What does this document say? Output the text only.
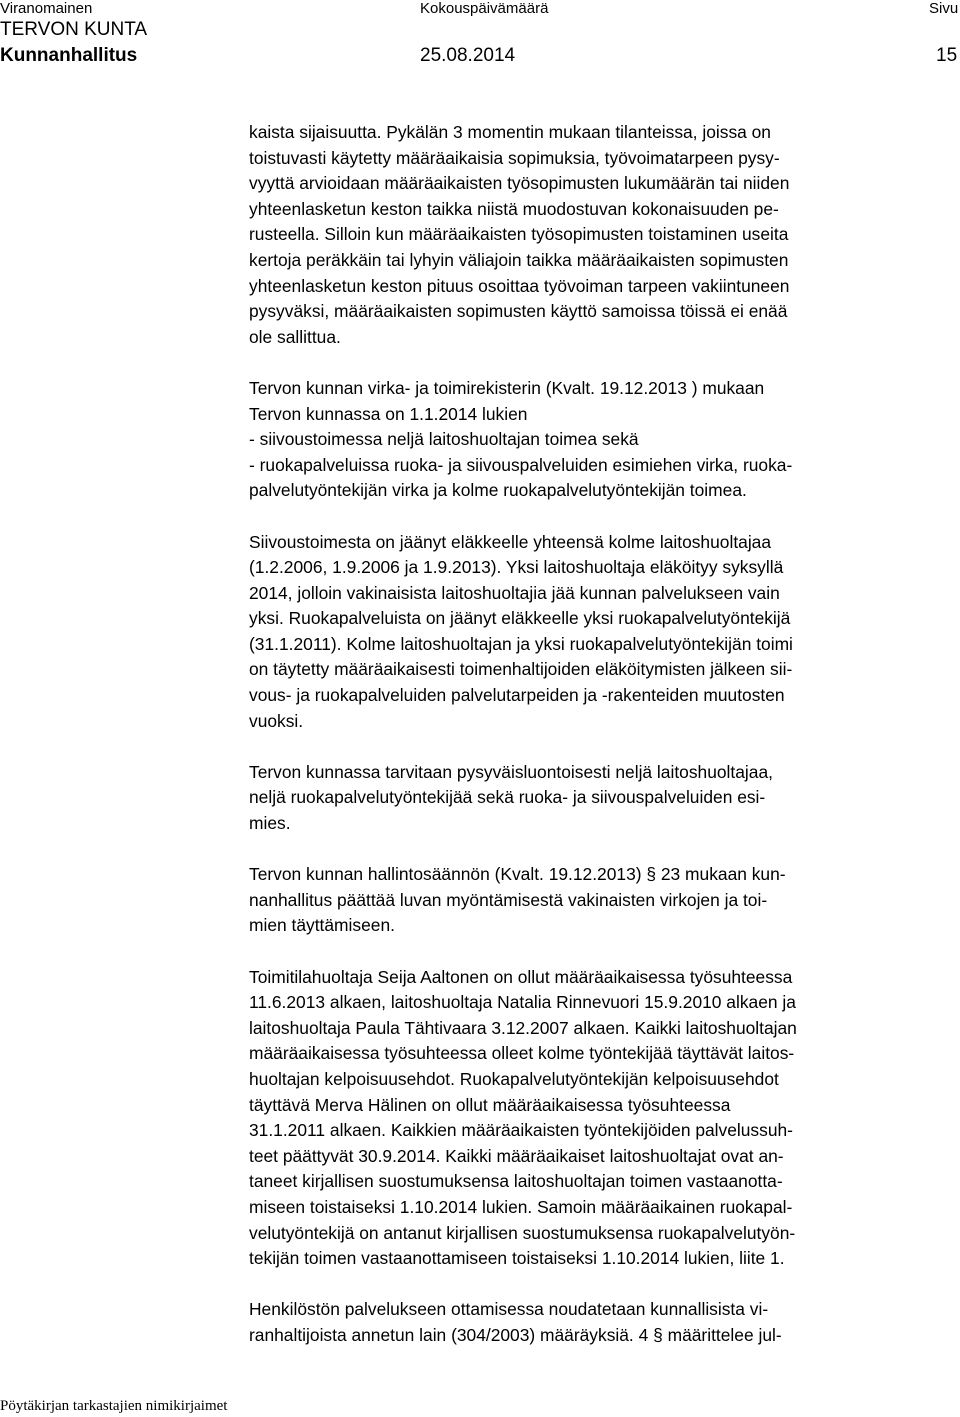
Viranomainen	Kokouspäivämäärä	Sivu
TERVON KUNTA
Kunnanhallitus	25.08.2014	15
kaista sijaisuutta. Pykälän 3 momentin mukaan tilanteissa, joissa on
toistuvasti käytetty määräaikaisia sopimuksia, työvoimatarpeen pysy-
vyyttä arvioidaan määräaikaisten työsopimusten lukumäärän tai niiden
yhteenlasketun keston taikka niistä muodostuvan kokonaisuuden pe-
rusteella. Silloin kun määräaikaisten työsopimusten toistaminen useita
kertoja peräkkäin tai lyhyin väliajoin taikka määräaikaisten sopimusten
yhteenlasketun keston pituus osoittaa työvoiman tarpeen vakiintuneen
pysyväksi, määräaikaisten sopimusten käyttö samoissa töissä ei enää
ole sallittua.
Tervon kunnan virka- ja toimirekisterin (Kvalt. 19.12.2013 ) mukaan
Tervon kunnassa on 1.1.2014 lukien
- siivoustoimessa neljä laitoshuoltajan toimea sekä
- ruokapalveluissa ruoka- ja siivouspalveluiden esimiehen virka, ruoka-
palvelutyöntekijän virka ja kolme ruokapalvelutyöntekijän toimea.
Siivoustoimesta on jäänyt eläkkeelle yhteensä kolme laitoshuoltajaa
(1.2.2006, 1.9.2006 ja 1.9.2013). Yksi laitoshuoltaja eläköityy syksyllä
2014, jolloin vakinaisista laitoshuoltajia jää kunnan palvelukseen vain
yksi. Ruokapalveluista on jäänyt eläkkeelle yksi ruokapalvelutyöntekijä
(31.1.2011). Kolme laitoshuoltajan ja yksi ruokapalvelutyöntekijän toimi
on täytetty määräaikaisesti toimenhaltijoiden eläköitymisten jälkeen sii-
vous- ja ruokapalveluiden palvelutarpeiden ja -rakenteiden muutosten
vuoksi.
Tervon kunnassa tarvitaan pysyväisluontoisesti neljä laitoshuoltajaa,
neljä ruokapalvelutyöntekijää sekä ruoka- ja siivouspalveluiden esi-
mies.
Tervon kunnan hallintosäännön (Kvalt. 19.12.2013) § 23 mukaan kun-
nanhallitus päättää luvan myöntämisestä vakinaisten virkojen ja toi-
mien täyttämiseen.
Toimitilahuoltaja Seija Aaltonen on ollut määräaikaisessa työsuhteessa
11.6.2013 alkaen, laitoshuoltaja Natalia Rinnevuori 15.9.2010 alkaen ja
laitoshuoltaja Paula Tähtivaara 3.12.2007 alkaen. Kaikki laitoshuoltajan
määräaikaisessa työsuhteessa olleet kolme työntekijää täyttävät laitos-
huoltajan kelpoisuusehdot. Ruokapalvelutyöntekijän kelpoisuusehdot
täyttävä Merva Hälinen on ollut määräaikaisessa työsuhteessa
31.1.2011 alkaen. Kaikkien määräaikaisten työntekijöiden palvelussuh-
teet päättyvät 30.9.2014. Kaikki määräaikaiset laitoshuoltajat ovat an-
taneet kirjallisen suostumuksensa laitoshuoltajan toimen vastaanotta-
miseen toistaiseksi 1.10.2014 lukien. Samoin määräaikainen ruokapal-
velutyöntekijä on antanut kirjallisen suostumuksensa ruokapalvelutyön-
tekijän toimen vastaanottamiseen toistaiseksi 1.10.2014 lukien, liite 1.
Henkilöstön palvelukseen ottamisessa noudatetaan kunnallisista vi-
ranhaltijoista annetun lain (304/2003) määräyksiä. 4 § määrittelee jul-
Pöytäkirjan tarkastajien nimikirjaimet
